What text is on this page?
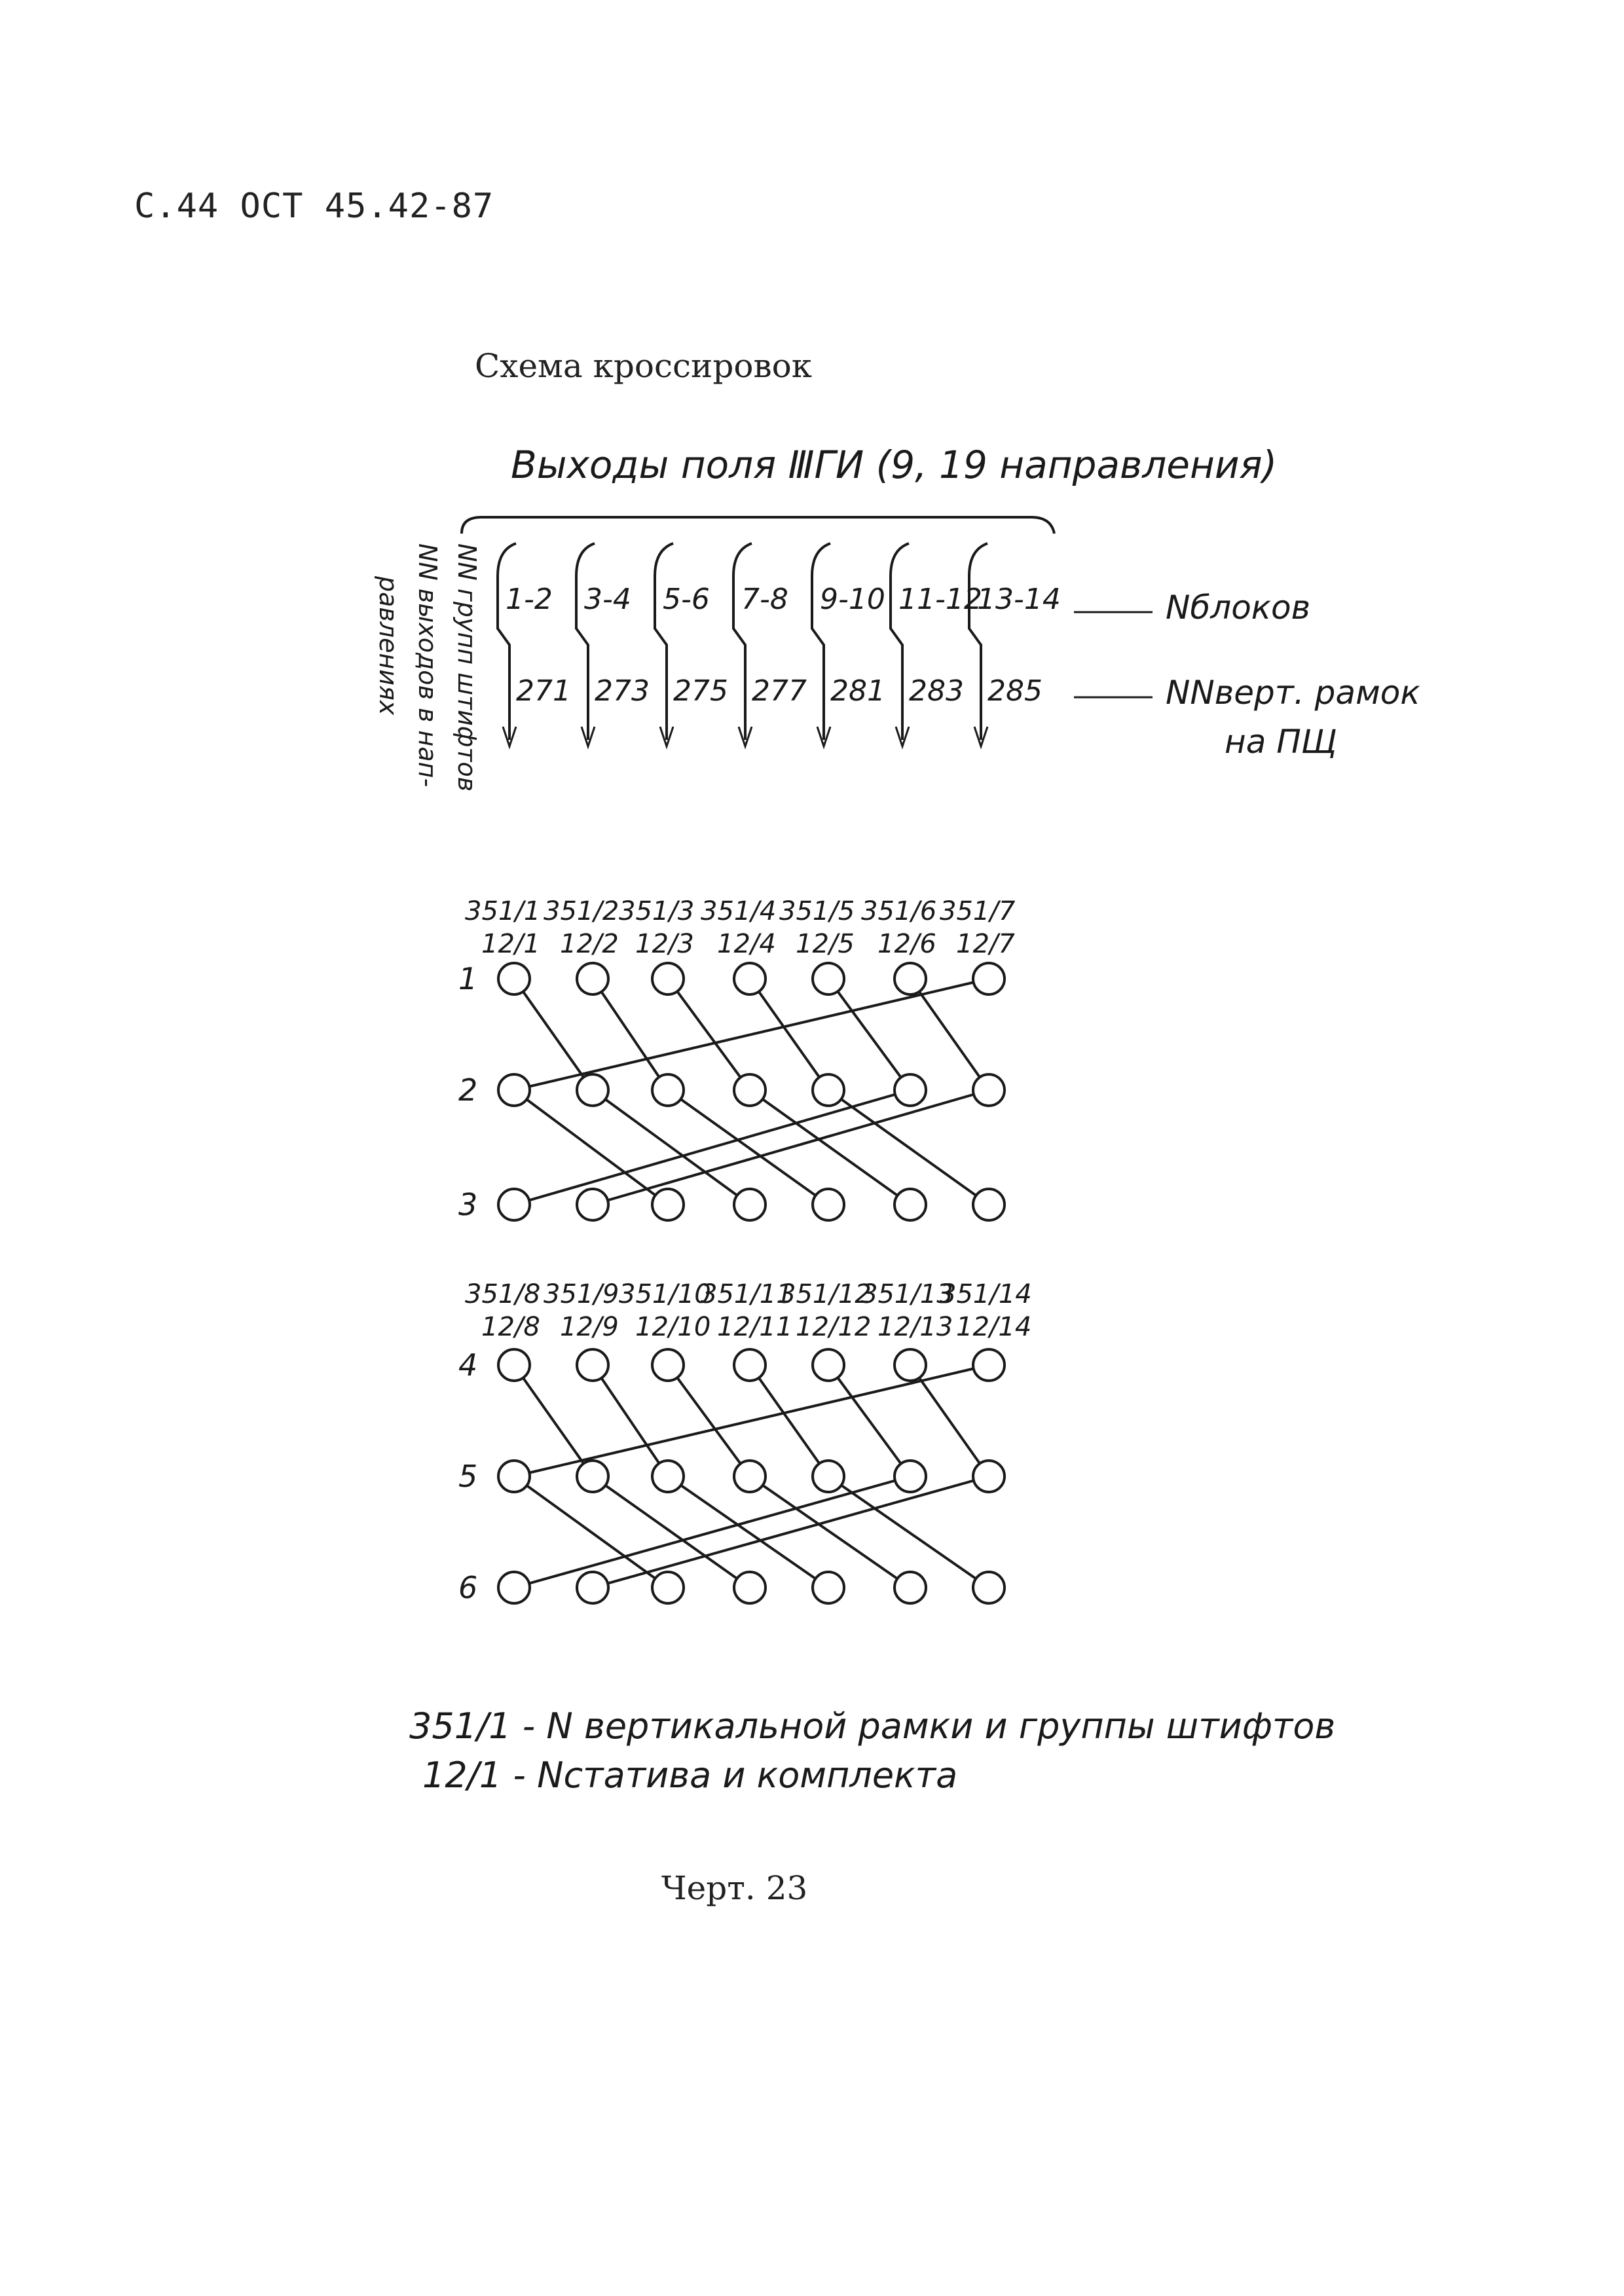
С.44 ОСТ 45.42-87
Схема кроссировок
Выходы поля ⅢГИ (9, 19 направления)
NN групп штифтов
NN выходов в нап-
равлениях	1-2
271
3-4
273
5-6
275
7-8
277
9-10
281
11-12
283
13-14
285
Nблоков
NNверт. рамок
на ПЩ
351/1
12/1
351/2
12/2
351/3
12/3
351/4
12/4
351/5
12/5
351/6
12/6
351/7
12/7
1
2
3
351/8
12/8
351/9
12/9
351/10
12/10
351/11
12/11
351/12
12/12
351/13
12/13
351/14
12/14
4
5
6
351/1 - N вертикальной рамки и группы штифтов
12/1 - Nстатива и комплекта
Черт. 23
